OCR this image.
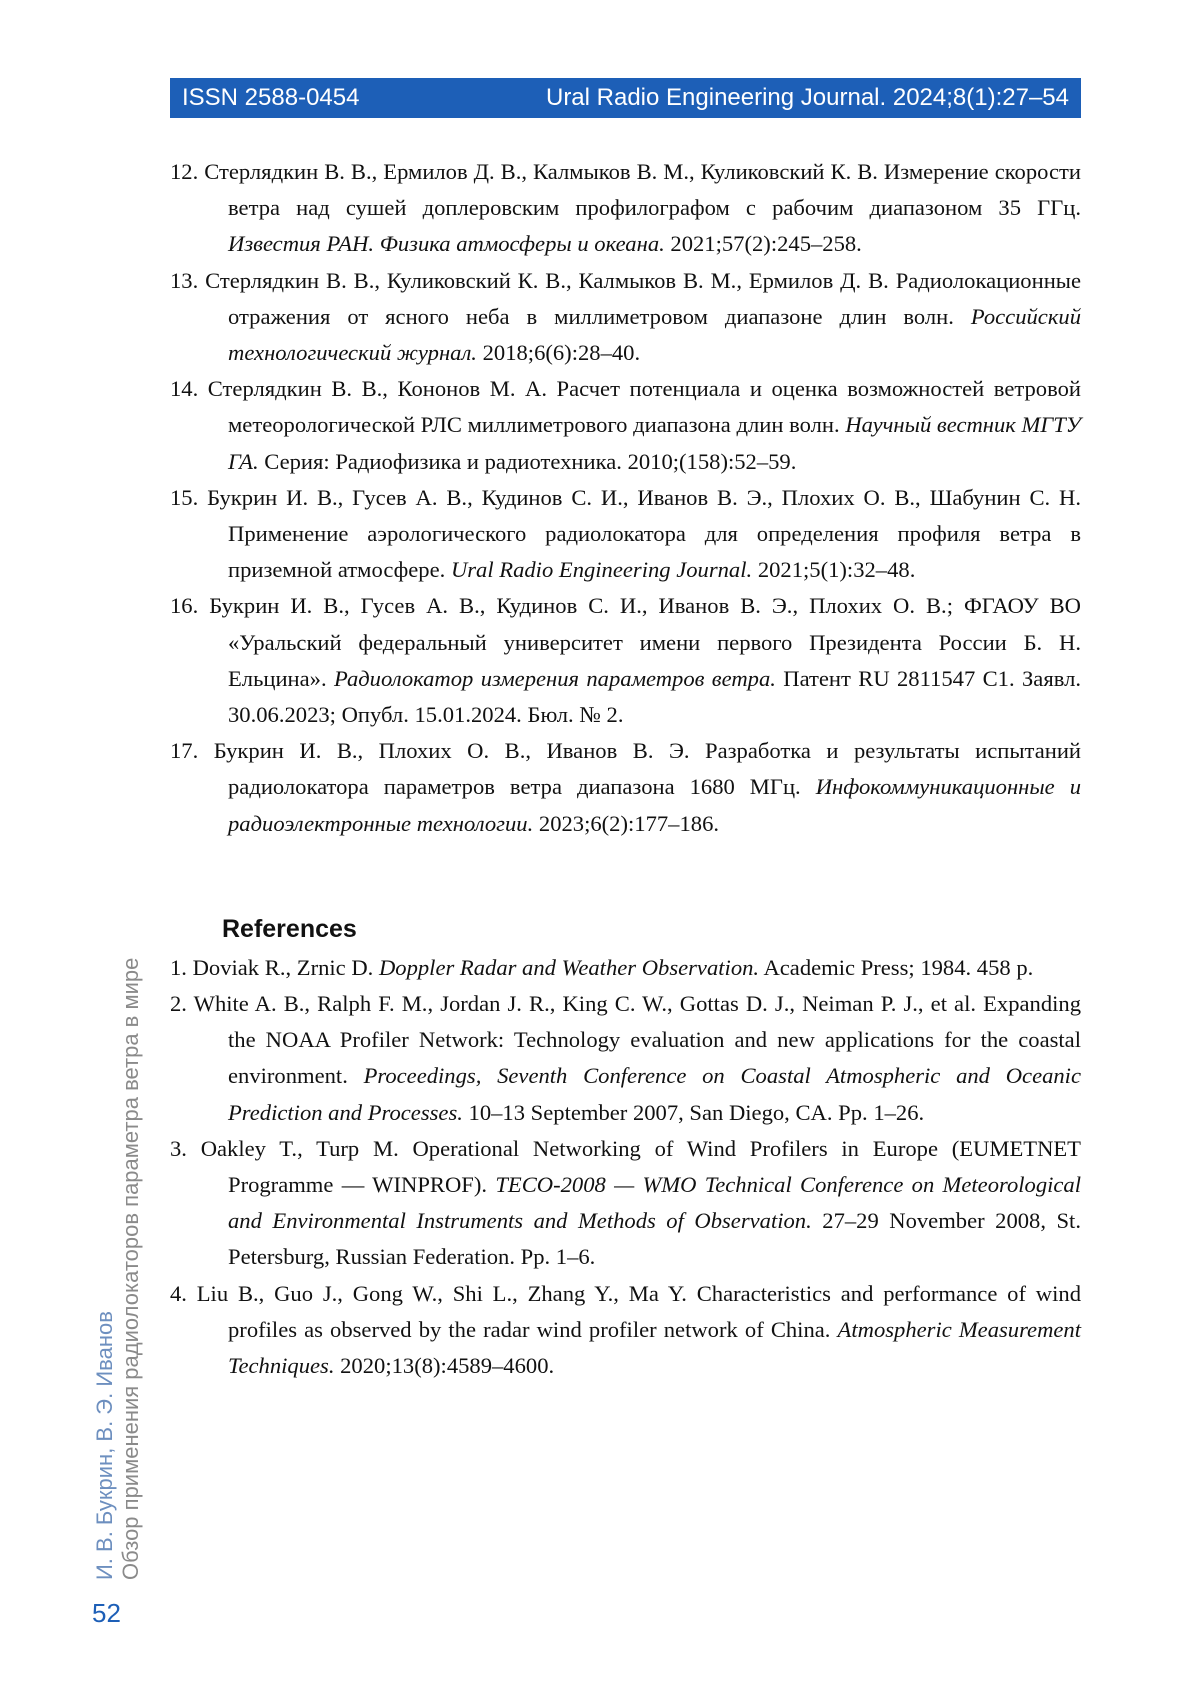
ISSN 2588-0454	Ural Radio Engineering Journal. 2024;8(1):27–54
12. Стерлядкин В. В., Ермилов Д. В., Калмыков В. М., Куликовский К. В. Измерение скорости ветра над сушей доплеровским профилографом с рабочим диапазоном 35 ГГц. Известия РАН. Физика атмосферы и океана. 2021;57(2):245–258.
13. Стерлядкин В. В., Куликовский К. В., Калмыков В. М., Ермилов Д. В. Радиолокационные отражения от ясного неба в миллиметровом диапазоне длин волн. Российский технологический журнал. 2018;6(6):28–40.
14. Стерлядкин В. В., Кононов М. А. Расчет потенциала и оценка возможностей ветровой метеорологической РЛС миллиметрового диапазона длин волн. Научный вестник МГТУ ГА. Серия: Радиофизика и радиотехника. 2010;(158):52–59.
15. Букрин И. В., Гусев А. В., Кудинов С. И., Иванов В. Э., Плохих О. В., Шабунин С. Н. Применение аэрологического радиолокатора для определения профиля ветра в приземной атмосфере. Ural Radio Engineering Journal. 2021;5(1):32–48.
16. Букрин И. В., Гусев А. В., Кудинов С. И., Иванов В. Э., Плохих О. В.; ФГАОУ ВО «Уральский федеральный университет имени первого Президента России Б. Н. Ельцина». Радиолокатор измерения параметров ветра. Патент RU 2811547 C1. Заявл. 30.06.2023; Опубл. 15.01.2024. Бюл. № 2.
17. Букрин И. В., Плохих О. В., Иванов В. Э. Разработка и результаты испытаний радиолокатора параметров ветра диапазона 1680 МГц. Инфокоммуникационные и радиоэлектронные технологии. 2023;6(2):177–186.
References
1. Doviak R., Zrnic D. Doppler Radar and Weather Observation. Academic Press; 1984. 458 p.
2. White A. B., Ralph F. M., Jordan J. R., King C. W., Gottas D. J., Neiman P. J., et al. Expanding the NOAA Profiler Network: Technology evaluation and new applications for the coastal environment. Proceedings, Seventh Conference on Coastal Atmospheric and Oceanic Prediction and Processes. 10–13 September 2007, San Diego, CA. Pp. 1–26.
3. Oakley T., Turp M. Operational Networking of Wind Profilers in Europe (EUMETNET Programme — WINPROF). TECO-2008 — WMO Technical Conference on Meteorological and Environmental Instruments and Methods of Observation. 27–29 November 2008, St. Petersburg, Russian Federation. Pp. 1–6.
4. Liu B., Guo J., Gong W., Shi L., Zhang Y., Ma Y. Characteristics and performance of wind profiles as observed by the radar wind profiler network of China. Atmospheric Measurement Techniques. 2020;13(8):4589–4600.
И. В. Букрин, В. Э. Иванов Обзор применения радиолокаторов параметра ветра в мире
52
